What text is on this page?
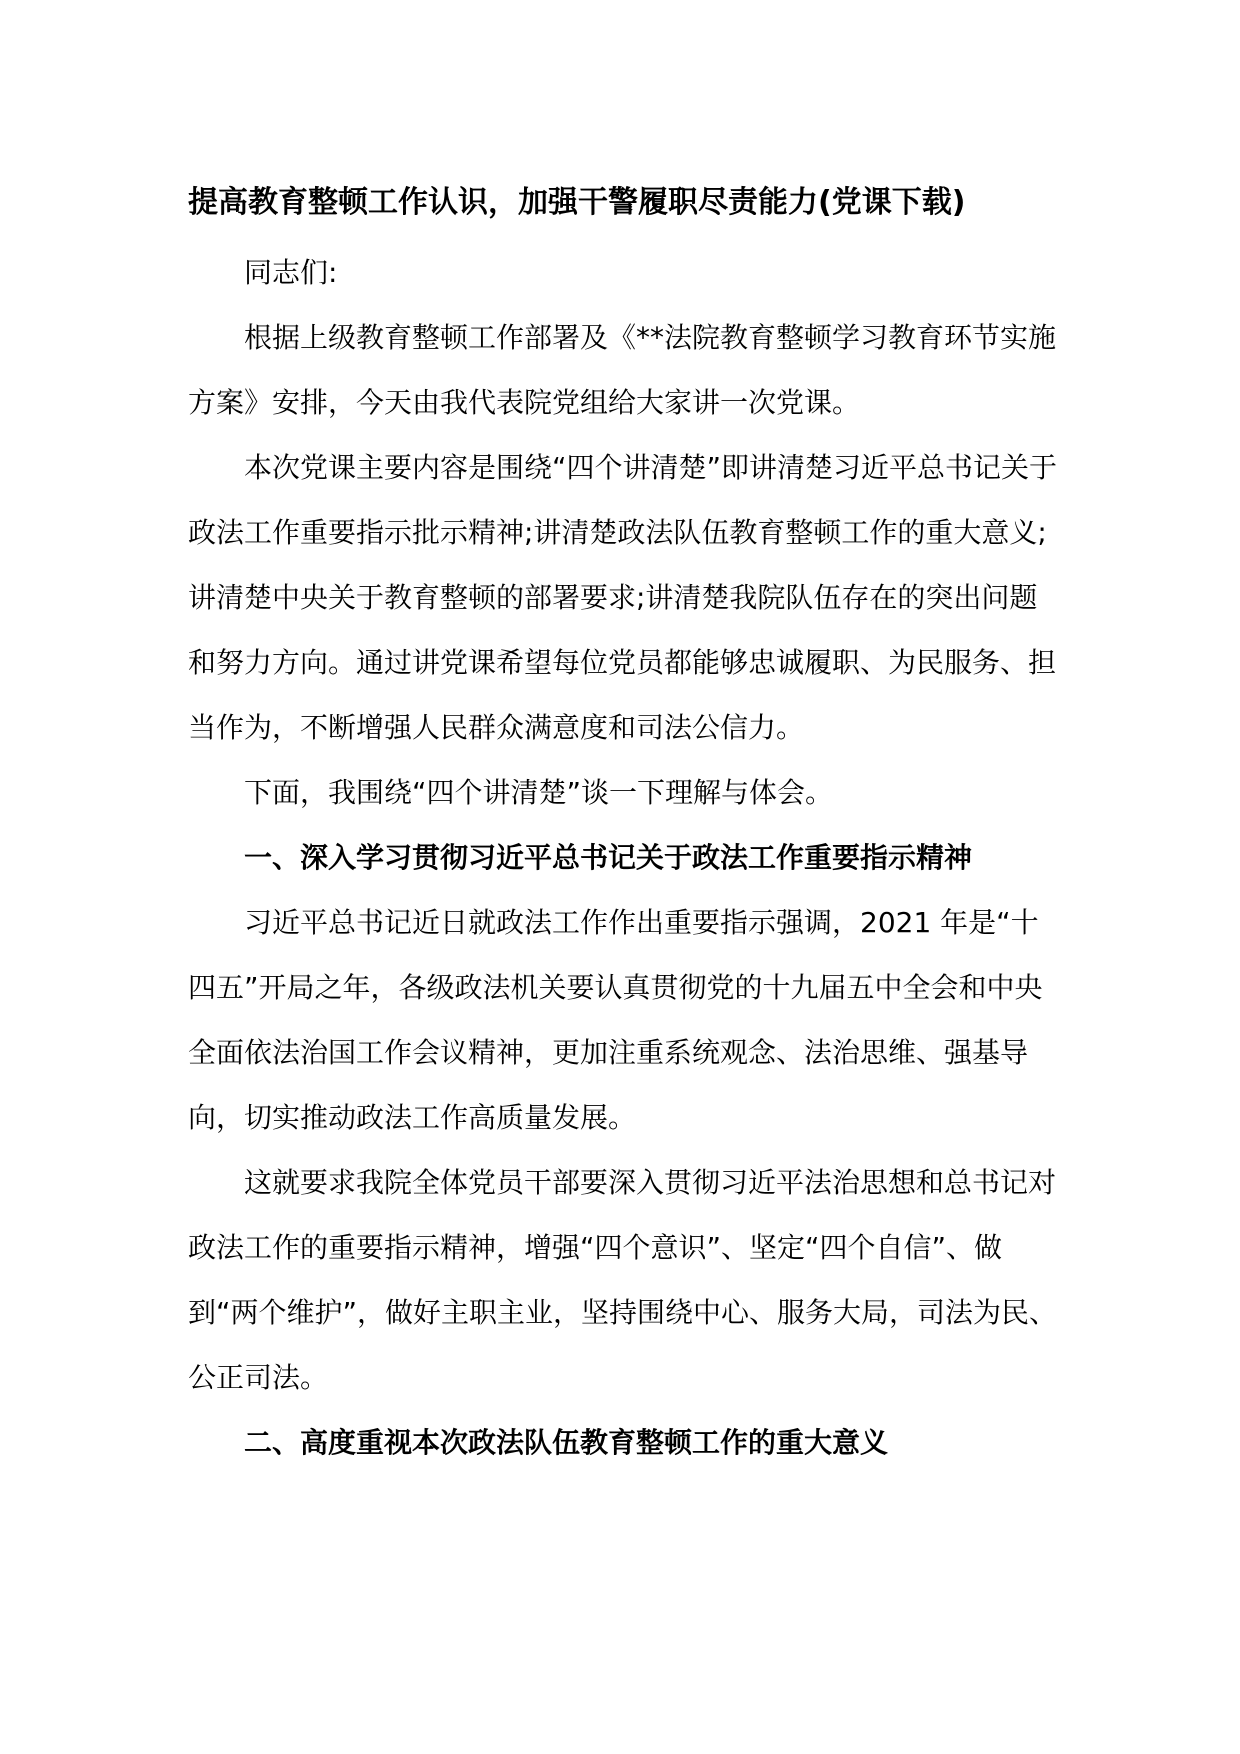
提高教育整顿工作认识，加强干警履职尽责能力(党课下载)

同志们:

根据上级教育整顿工作部署及《**法院教育整顿学习教育环节实施方案》安排，今天由我代表院党组给大家讲一次党课。

本次党课主要内容是围绕“四个讲清楚”即讲清楚习近平总书记关于政法工作重要指示批示精神;讲清楚政法队伍教育整顿工作的重大意义;讲清楚中央关于教育整顿的部署要求;讲清楚我院队伍存在的突出问题和努力方向。通过讲党课希望每位党员都能够忠诚履职、为民服务、担当作为，不断增强人民群众满意度和司法公信力。

下面，我围绕“四个讲清楚”谈一下理解与体会。

一、深入学习贯彻习近平总书记关于政法工作重要指示精神

习近平总书记近日就政法工作作出重要指示强调，2021 年是“十四五”开局之年，各级政法机关要认真贯彻党的十九届五中全会和中央全面依法治国工作会议精神，更加注重系统观念、法治思维、强基导向，切实推动政法工作高质量发展。

这就要求我院全体党员干部要深入贯彻习近平法治思想和总书记对政法工作的重要指示精神，增强“四个意识”、坚定“四个自信”、做到“两个维护”，做好主职主业，坚持围绕中心、服务大局，司法为民、公正司法。

二、高度重视本次政法队伍教育整顿工作的重大意义
